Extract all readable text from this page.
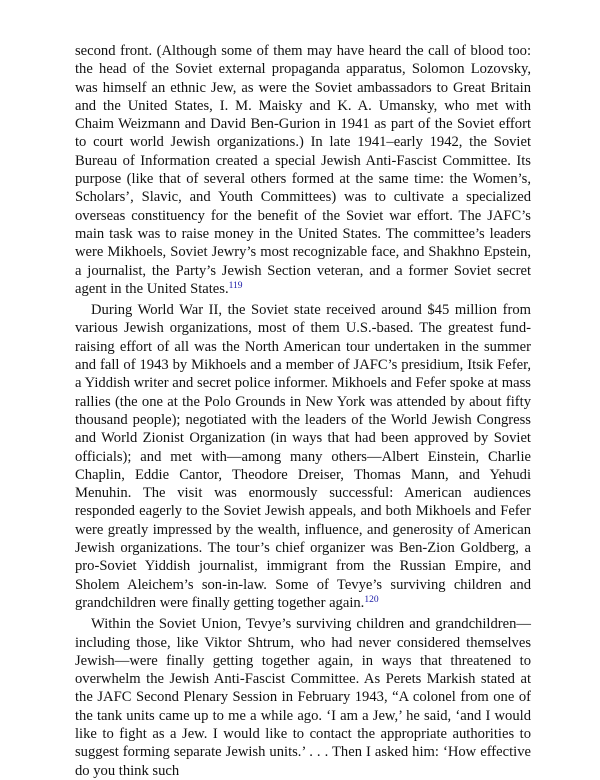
second front. (Although some of them may have heard the call of blood too: the head of the Soviet external propaganda apparatus, Solomon Lozovsky, was himself an ethnic Jew, as were the Soviet ambassadors to Great Britain and the United States, I. M. Maisky and K. A. Umansky, who met with Chaim Weizmann and David Ben-Gurion in 1941 as part of the Soviet effort to court world Jewish organizations.) In late 1941–early 1942, the Soviet Bureau of Information created a special Jewish Anti-Fascist Committee. Its purpose (like that of several others formed at the same time: the Women’s, Scholars’, Slavic, and Youth Committees) was to cultivate a specialized overseas constituency for the benefit of the Soviet war effort. The JAFC’s main task was to raise money in the United States. The committee’s leaders were Mikhoels, Soviet Jewry’s most recognizable face, and Shakhno Epstein, a journalist, the Party’s Jewish Section veteran, and a former Soviet secret agent in the United States.$^{119}$

During World War II, the Soviet state received around $45 million from various Jewish organizations, most of them U.S.-based. The greatest fund-raising effort of all was the North American tour undertaken in the summer and fall of 1943 by Mikhoels and a member of JAFC’s presidium, Itsik Fefer, a Yiddish writer and secret police informer. Mikhoels and Fefer spoke at mass rallies (the one at the Polo Grounds in New York was attended by about fifty thousand people); negotiated with the leaders of the World Jewish Congress and World Zionist Organization (in ways that had been approved by Soviet officials); and met with—among many others—Albert Einstein, Charlie Chaplin, Eddie Cantor, Theodore Dreiser, Thomas Mann, and Yehudi Menuhin. The visit was enormously successful: American audiences responded eagerly to the Soviet Jewish appeals, and both Mikhoels and Fefer were greatly impressed by the wealth, influence, and generosity of American Jewish organizations. The tour’s chief organizer was Ben-Zion Goldberg, a pro-Soviet Yiddish journalist, immigrant from the Russian Empire, and Sholem Aleichem’s son-in-law. Some of Tevye’s surviving children and grandchildren were finally getting together again.$^{120}$

Within the Soviet Union, Tevye’s surviving children and grandchildren—including those, like Viktor Shtrum, who had never considered themselves Jewish—were finally getting together again, in ways that threatened to overwhelm the Jewish Anti-Fascist Committee. As Perets Markish stated at the JAFC Second Plenary Session in February 1943, “A colonel from one of the tank units came up to me a while ago. ‘I am a Jew,’ he said, ‘and I would like to fight as a Jew. I would like to contact the appropriate authorities to suggest forming separate Jewish units.’ . . . Then I asked him: ‘How effective do you think such
